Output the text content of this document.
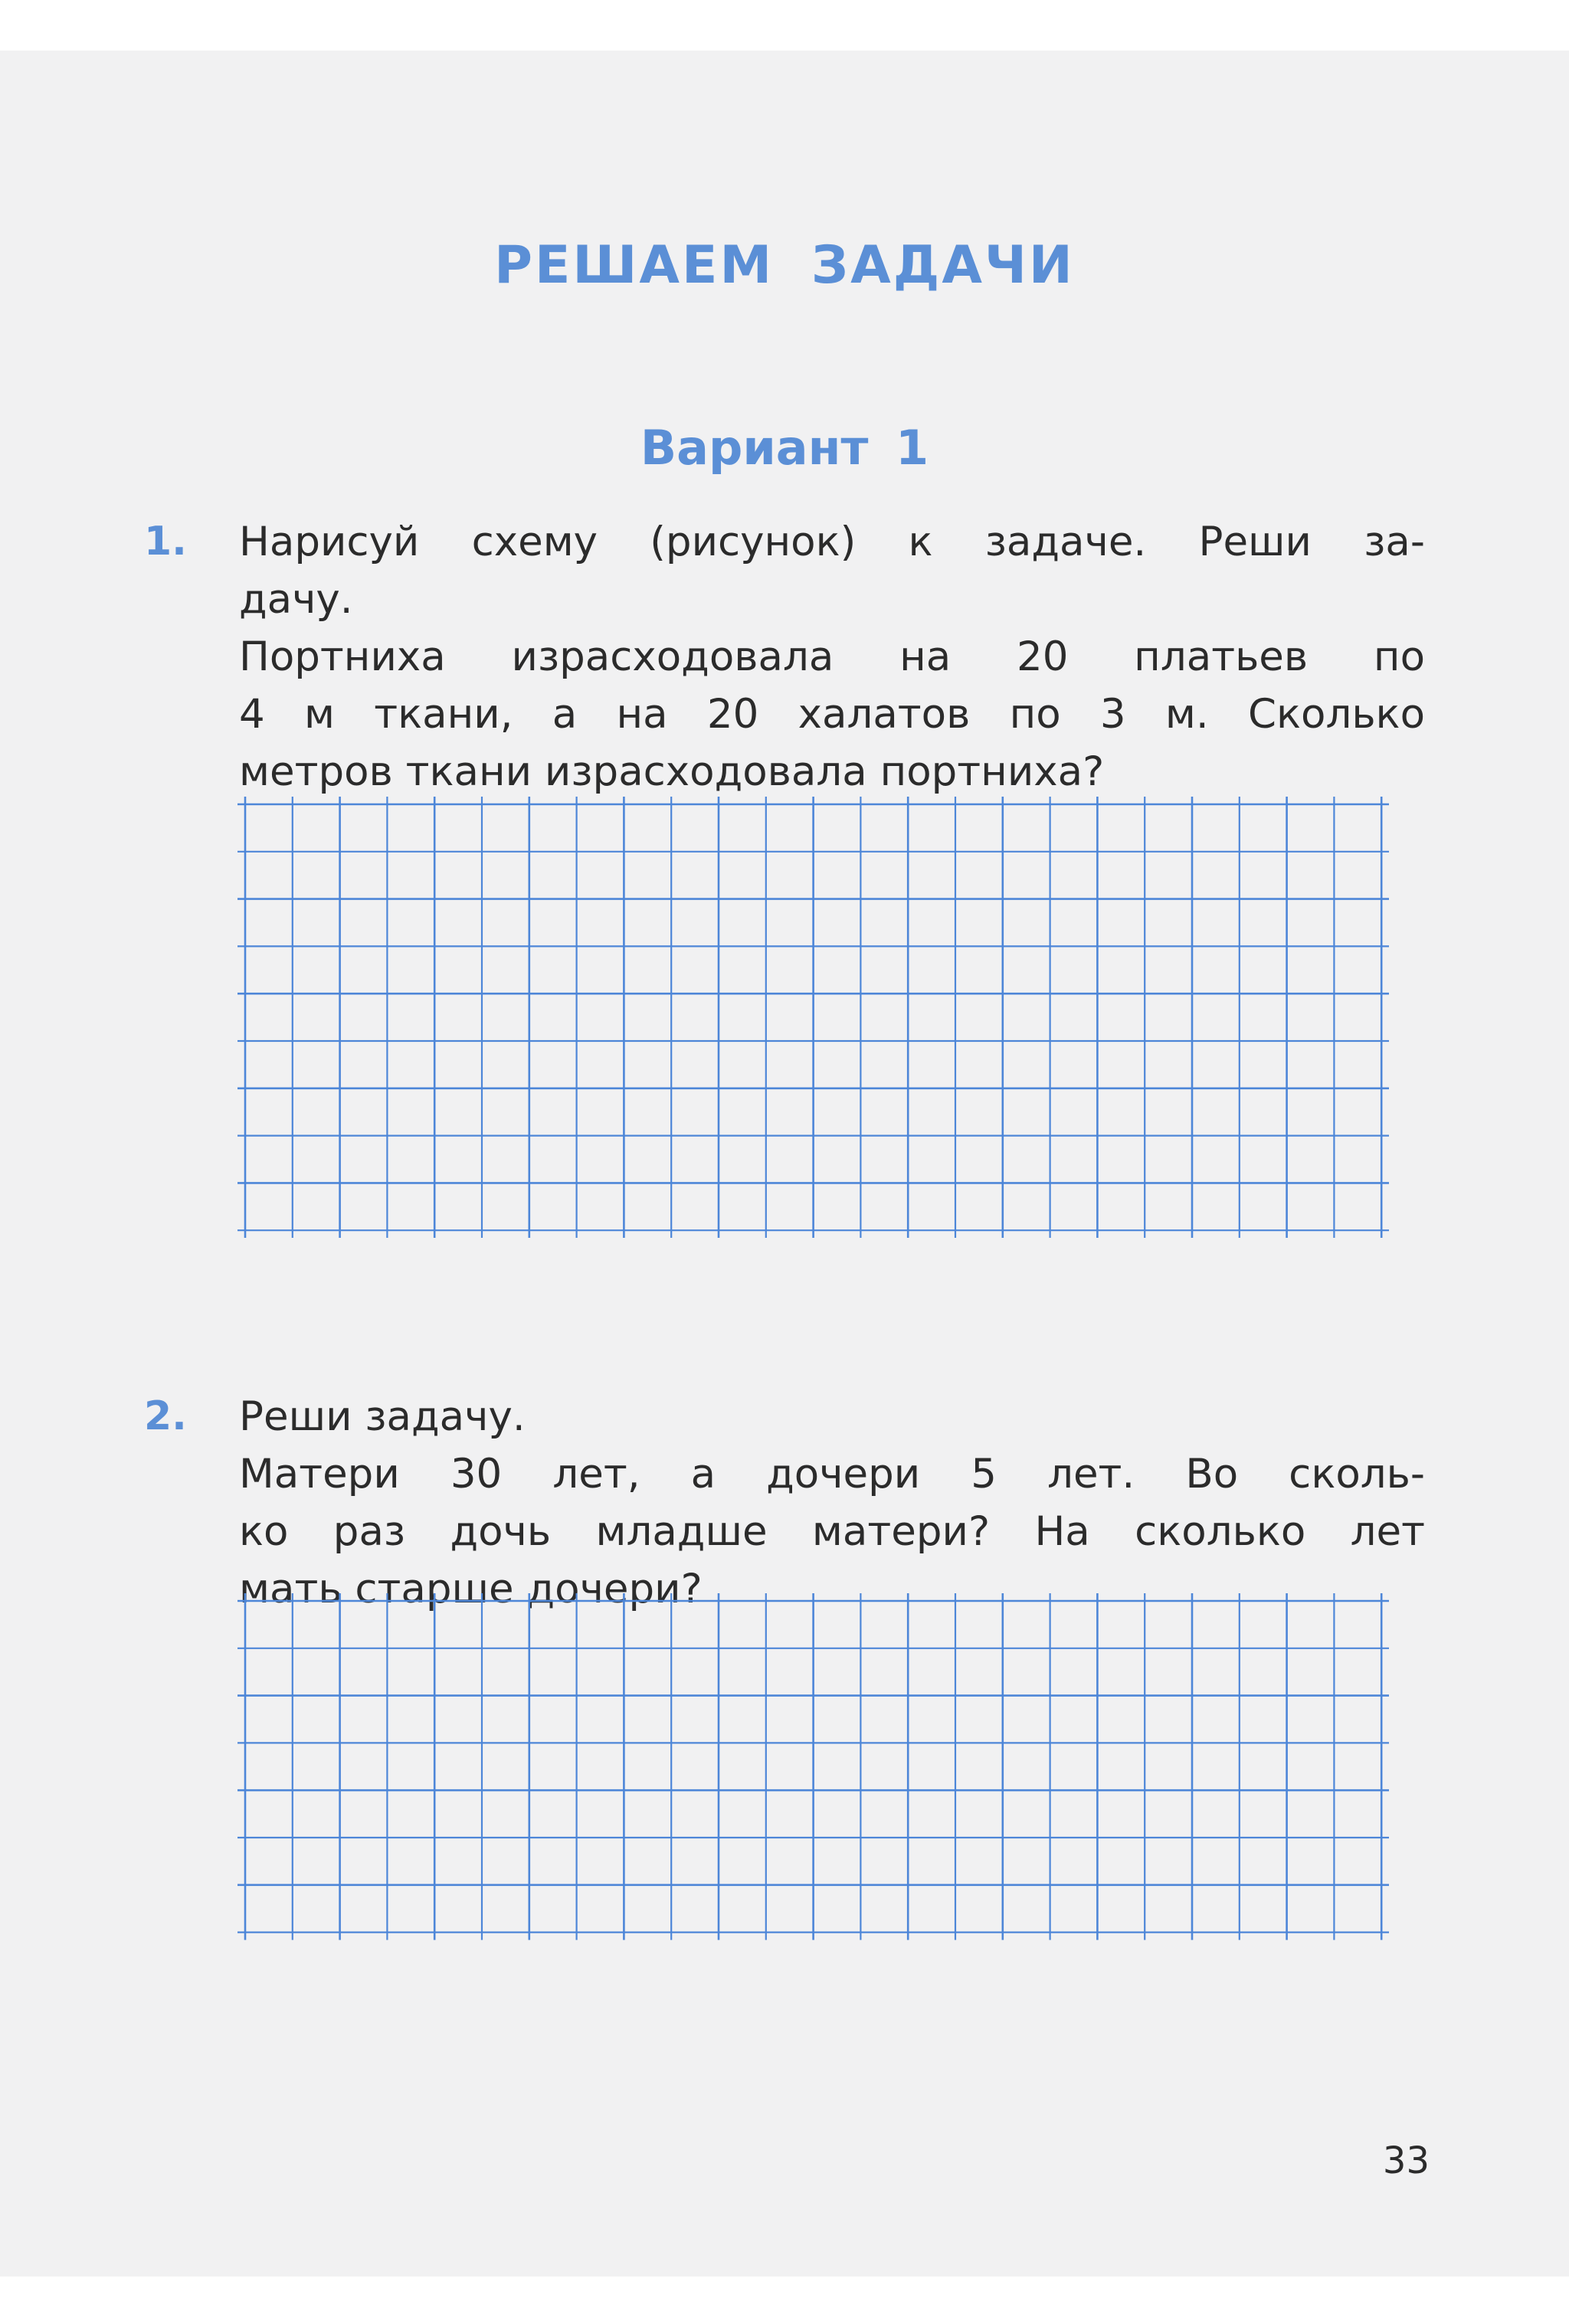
РЕШАЕМ ЗАДАЧИ
Вариант 1
1. Нарисуй схему (рисунок) к задаче. Реши за-
дачу.
Портниха израсходовала на 20 платьев по
4 м ткани, а на 20 халатов по 3 м. Сколько
метров ткани израсходовала портниха?
2. Реши задачу.
Матери 30 лет, а дочери 5 лет. Во сколь-
ко раз дочь младше матери? На сколько лет
мать старше дочери?
33
